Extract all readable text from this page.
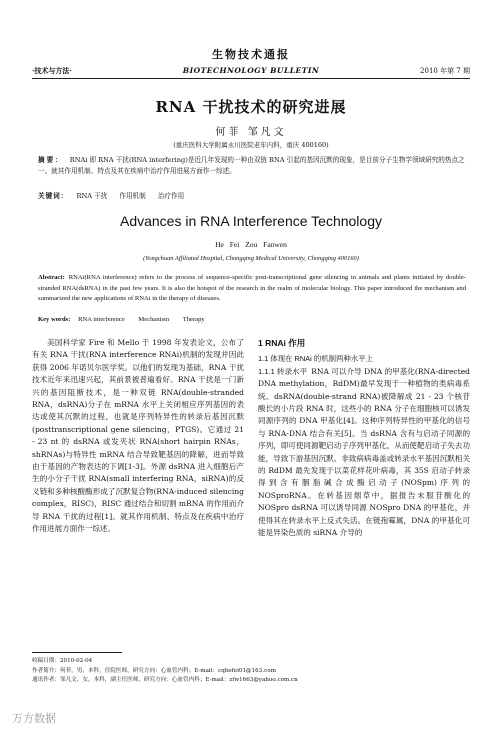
生物技术通报
·技术与方法·	BIOTECHNOLOGY BULLETIN	2010 年第 7 期
RNA 干扰技术的研究进展
何菲 邹凡文
(重庆医科大学附属永川医院老年内科，重庆 400160)
摘要： RNAi 即 RNA 干扰(RNA interfering)是近几年发现的一种由双链 RNA 引起的基因沉默的现象，是目前分子生物学领域研究的热点之一。就其作用机制、特点及其在疾病中治疗作用进展方面作一综述。
关键词： RNA 干扰 作用机制 治疗作用
Advances in RNA Interference Technology
He Fei Zou Fanwen
(Yongchuan Affiliated Hospital, Chongqing Medical University, Chongqing 400160)
Abstract: RNAi(RNA interference) refers to the process of sequence-specific post-transcriptional gene silencing in animals and plants initiated by double-stranded RNA(dsRNA) in the past few years. It is also the hotspot of the research in the realm of molecular biology. This paper introduced the mechanism and summarized the new applications of RNAi in the therapy of diseases.
Key words: RNA interference Mechanism Therapy

美国科学家 Fire 和 Mello 于 1998 年发表论文，公布了有关 RNA 干扰(RNA interference RNAi)机制的发现并因此获得 2006 年诺贝尔医学奖。以他们的发现为基础，RNA 干扰技术近年来迅速兴起，其前景被普遍看好。RNA 干扰是一门新兴的基因阻断技术，是一种双链 RNA(double-stranded RNA，dsRNA)分子在 mRNA 水平上关闭相应序列基因的表达或使其沉默的过程，也就是序列特异性的转录后基因沉默(posttranscriptional gene silencing，PTGS)。它通过 21 - 23 nt 的 dsRNA 或发夹状 RNA(short hairpin RNAs，shRNAs)与特异性 mRNA 结合导致靶基因的降解，进而导致由于基因的产物表达的下调[1-3]。外源 dsRNA 进入细胞后产生的小分子干扰 RNA(small interfering RNA，siRNA)的反义链和多种核酸酶形成了沉默复合物(RNA-induced silencing complex，RISC)，RISC 通过结合和切割 mRNA 的作用而介导 RNA 干扰的过程[1]。就其作用机制、特点及在疾病中治疗作用进展方面作一综述。

1 RNAi 作用
1.1 体现在 RNAi 的机制两种水平上
1.1.1 转录水平 RNA 可以介导 DNA 的甲基化(RNA-directed DNA methylation，RdDM)最早发现于一种植物的类病毒系统。dsRNA(double-strand RNA)被降解成 21 - 23 个核苷酸长的小片段 RNA 时，这些小的 RNA 分子在细胞核可以诱发同源序列的 DNA 甲基化[4]。这种序列特异性的甲基化的信号与 RNA-DNA 结合有关[5]。当 dsRNA 含有与启动子同源的序列，即可使同源靶启动子序列甲基化，从而使靶启动子失去功能，导致下游基因沉默。非致病病毒盖或转录水平基因沉默相关的 RdDM 最先发现于以菜花样花叶病毒，其 35S 启动子转录得到含有胭脂碱合成酶启动子(NOSpm)序列的 NOSproRNA。在转基因烟草中，据报告未服苷酸化的 NOSpro dsRNA 可以诱导同源 NOSpro DNA 的甲基化，并使得其在转录水平上反式失活。在链孢霉属，DNA 的甲基化可能是异染色质的 siRNA 介导的
收稿日期：2010-02-04
作者简介：何菲，男，本科，住院医师，研究方向：心血管内科；E-mail：cqhefei01@163.com
通讯作者：邹凡文，女，本科，副主任医师，研究方向：心血管内科；E-mail：zfw1663@yahoo.com.cn
万方数据
